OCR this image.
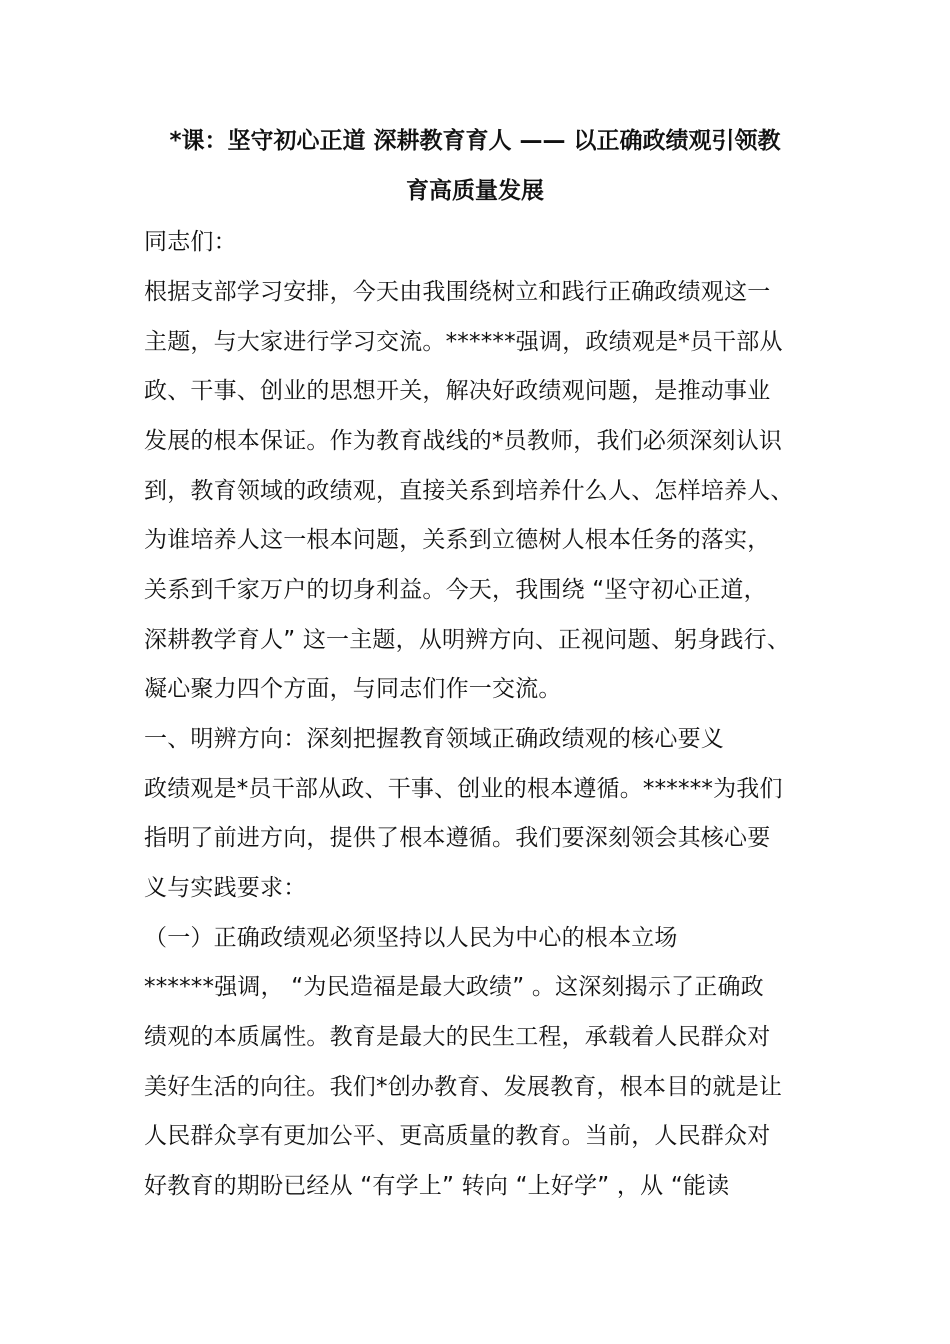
*课：坚守初心正道 深耕教育育人 —— 以正确政绩观引领教
育高质量发展

同志们：

根据支部学习安排，今天由我围绕树立和践行正确政绩观这一

主题，与大家进行学习交流。******强调，政绩观是*员干部从

政、干事、创业的思想开关，解决好政绩观问题，是推动事业

发展的根本保证。作为教育战线的*员教师，我们必须深刻认识

到，教育领域的政绩观，直接关系到培养什么人、怎样培养人、

为谁培养人这一根本问题，关系到立德树人根本任务的落实，

关系到千家万户的切身利益。今天，我围绕 “坚守初心正道，

深耕教学育人” 这一主题，从明辨方向、正视问题、躬身践行、

凝心聚力四个方面，与同志们作一交流。

一、明辨方向：深刻把握教育领域正确政绩观的核心要义

政绩观是*员干部从政、干事、创业的根本遵循。******为我们

指明了前进方向，提供了根本遵循。我们要深刻领会其核心要

义与实践要求：

（一）正确政绩观必须坚持以人民为中心的根本立场

******强调， “为民造福是最大政绩” 。这深刻揭示了正确政

绩观的本质属性。教育是最大的民生工程，承载着人民群众对

美好生活的向往。我们*创办教育、发展教育，根本目的就是让

人民群众享有更加公平、更高质量的教育。当前，人民群众对

好教育的期盼已经从 “有学上” 转向 “上好学” ，从 “能读
